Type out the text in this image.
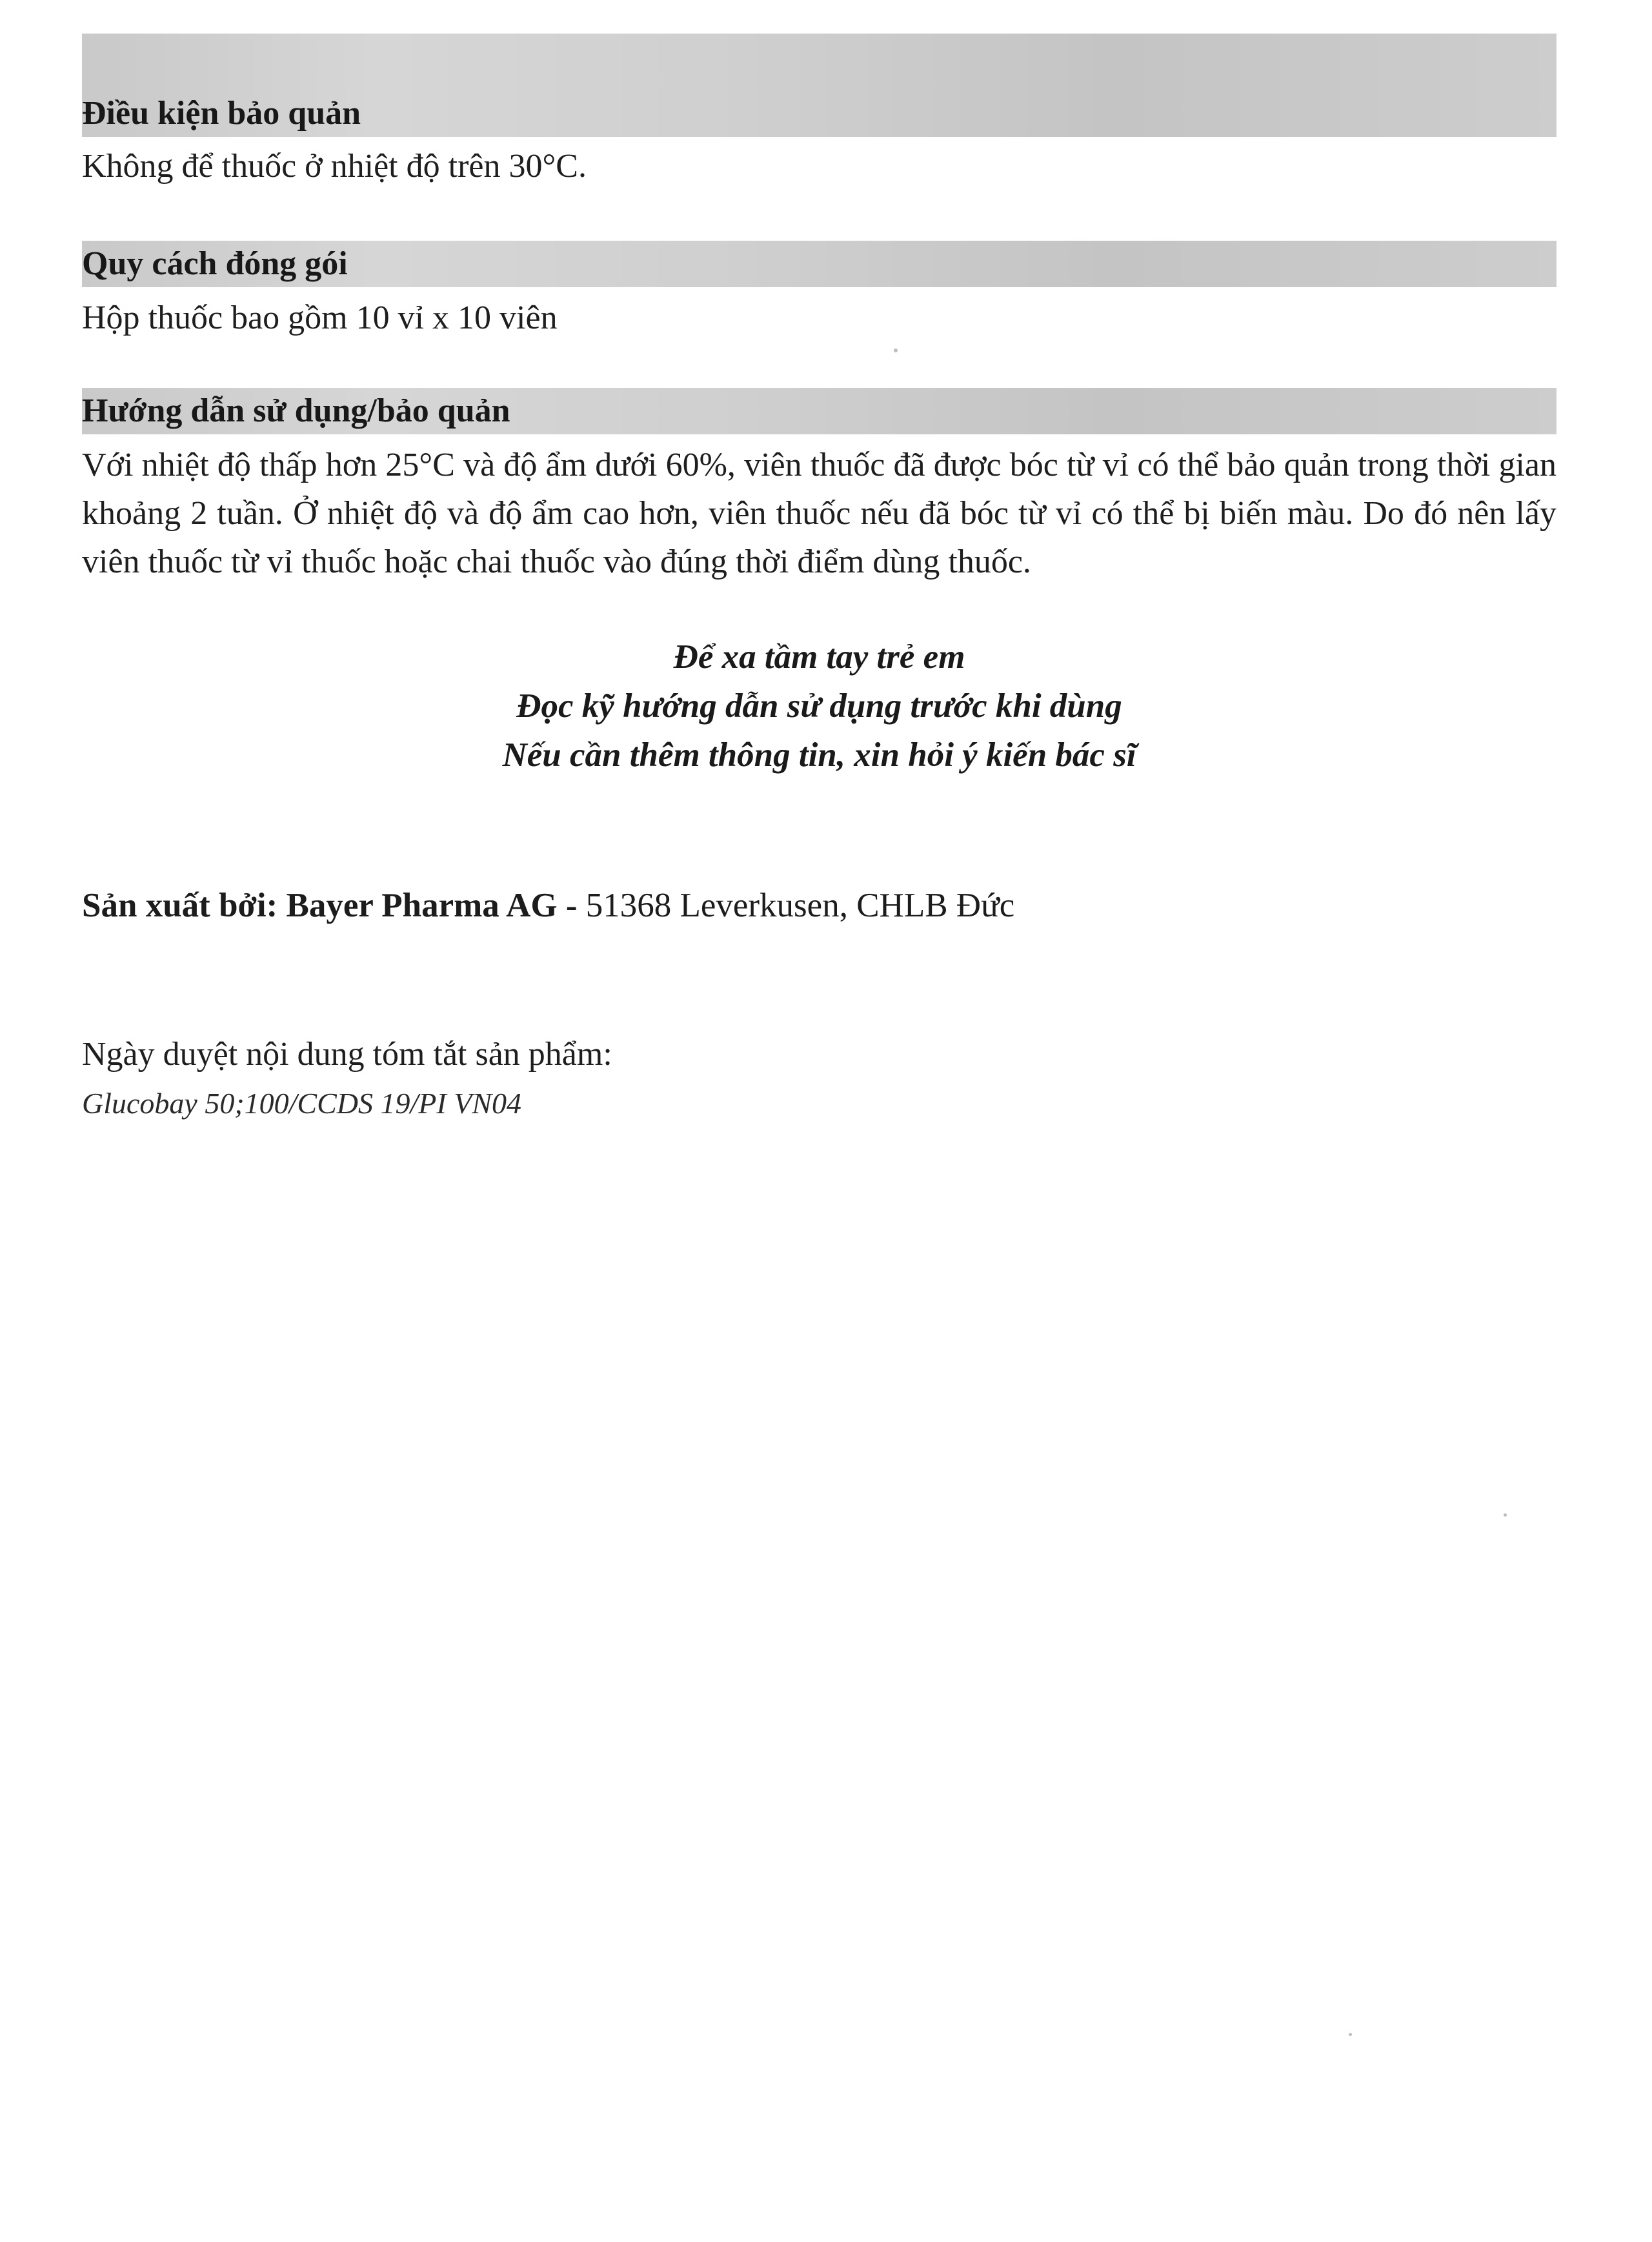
Điều kiện bảo quản
Không để thuốc ở nhiệt độ trên 30°C.
Quy cách đóng gói
Hộp thuốc bao gồm 10 vỉ x 10 viên
Hướng dẫn sử dụng/bảo quản
Với nhiệt độ thấp hơn 25°C và độ ẩm dưới 60%, viên thuốc đã được bóc từ vỉ có thể bảo quản trong thời gian khoảng 2 tuần. Ở nhiệt độ và độ ẩm cao hơn, viên thuốc nếu đã bóc từ vỉ có thể bị biến màu. Do đó nên lấy viên thuốc từ vỉ thuốc hoặc chai thuốc vào đúng thời điểm dùng thuốc.
Để xa tầm tay trẻ em
Đọc kỹ hướng dẫn sử dụng trước khi dùng
Nếu cần thêm thông tin, xin hỏi ý kiến bác sĩ
Sản xuất bởi: Bayer Pharma AG - 51368 Leverkusen, CHLB Đức
Ngày duyệt nội dung tóm tắt sản phẩm:
Glucobay 50;100/CCDS 19/PI VN04
